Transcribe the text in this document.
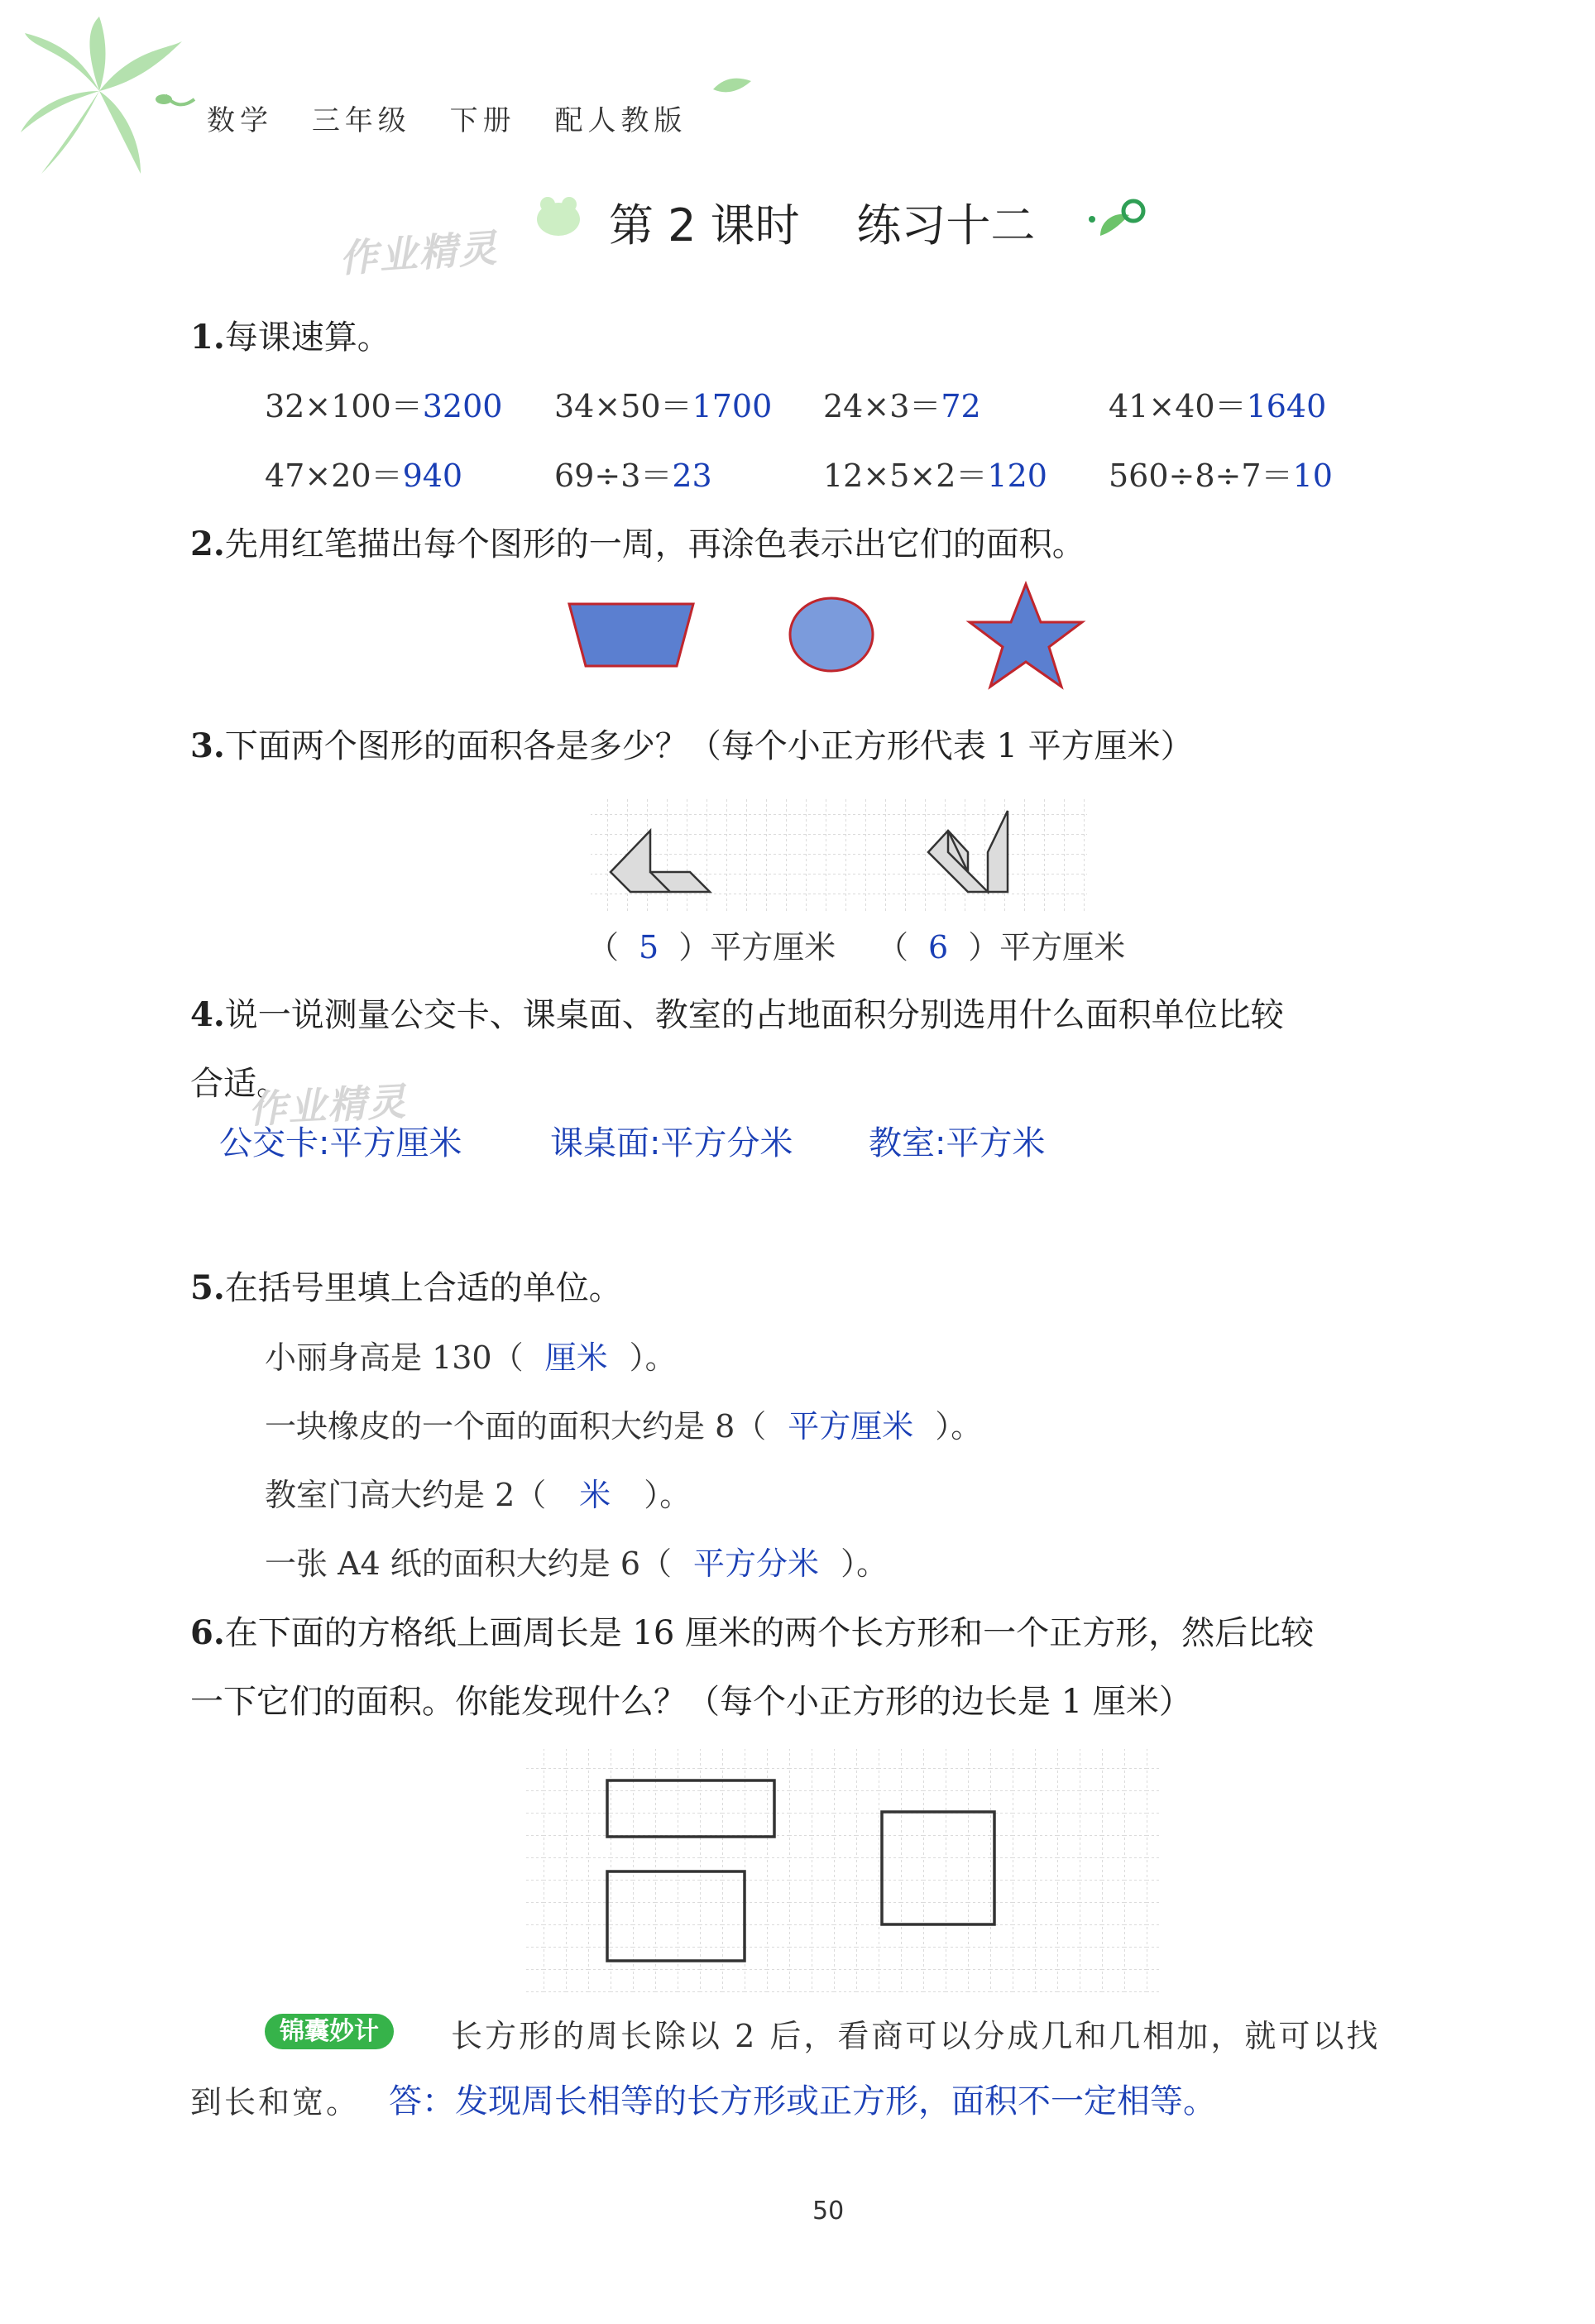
数学 三年级 下册 配人教版
第 2 课时 练习十二
作业精灵
1.每课速算。
32×100＝3200 34×50＝1700 24×3＝72	41×40＝1640
47×20＝940	69÷3＝23	12×5×2＝120 560÷8÷7＝10
2.先用红笔描出每个图形的一周，再涂色表示出它们的面积。
3.下面两个图形的面积各是多少？（每个小正方形代表 1 平方厘米）
（ 5 ）平方厘米 （ 6 ）平方厘米
4.说一说测量公交卡、课桌面、教室的占地面积分别选用什么面积单位比较
合适。
作业精灵
公交卡:平方厘米	课桌面:平方分米 教室:平方米
5.在括号里填上合适的单位。
小丽身高是 130（ 厘米 ）。
一块橡皮的一个面的面积大约是 8（ 平方厘米 ）。
教室门高大约是 2（ 米 ）。
一张 A4 纸的面积大约是 6（ 平方分米 ）。
6.在下面的方格纸上画周长是 16 厘米的两个长方形和一个正方形，然后比较
一下它们的面积。你能发现什么？（每个小正方形的边长是 1 厘米）
锦囊妙计	长方形的周长除以 2 后，看商可以分成几和几相加，就可以找
到长和宽。 答：发现周长相等的长方形或正方形，面积不一定相等。
50
